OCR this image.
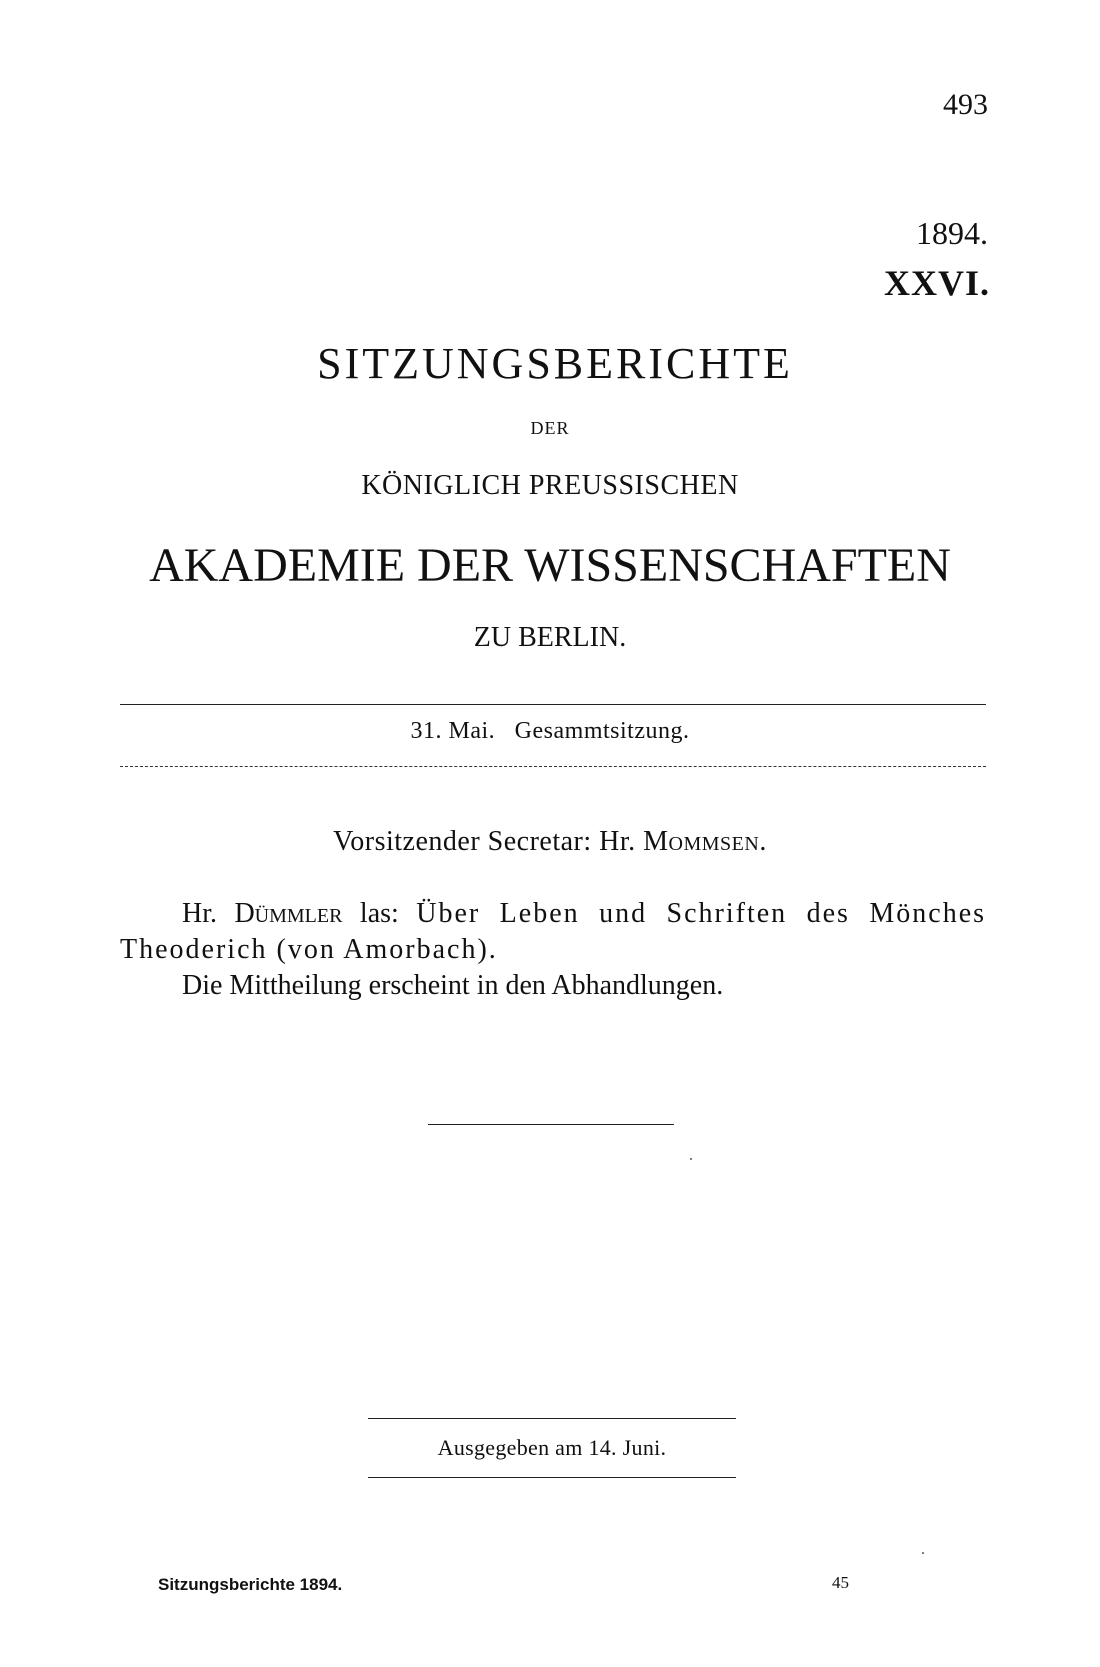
493
1894.
XXVI.
SITZUNGSBERICHTE
DER
KÖNIGLICH PREUSSISCHEN
AKADEMIE DER WISSENSCHAFTEN
ZU BERLIN.
31. Mai. Gesammtsitzung.
Vorsitzender Secretar: Hr. Mommsen.
Hr. Dümmler las: Über Leben und Schriften des Mönches
Theoderich (von Amorbach).
Die Mittheilung erscheint in den Abhandlungen.
Ausgegeben am 14. Juni.
Sitzungsberichte 1894.	45
